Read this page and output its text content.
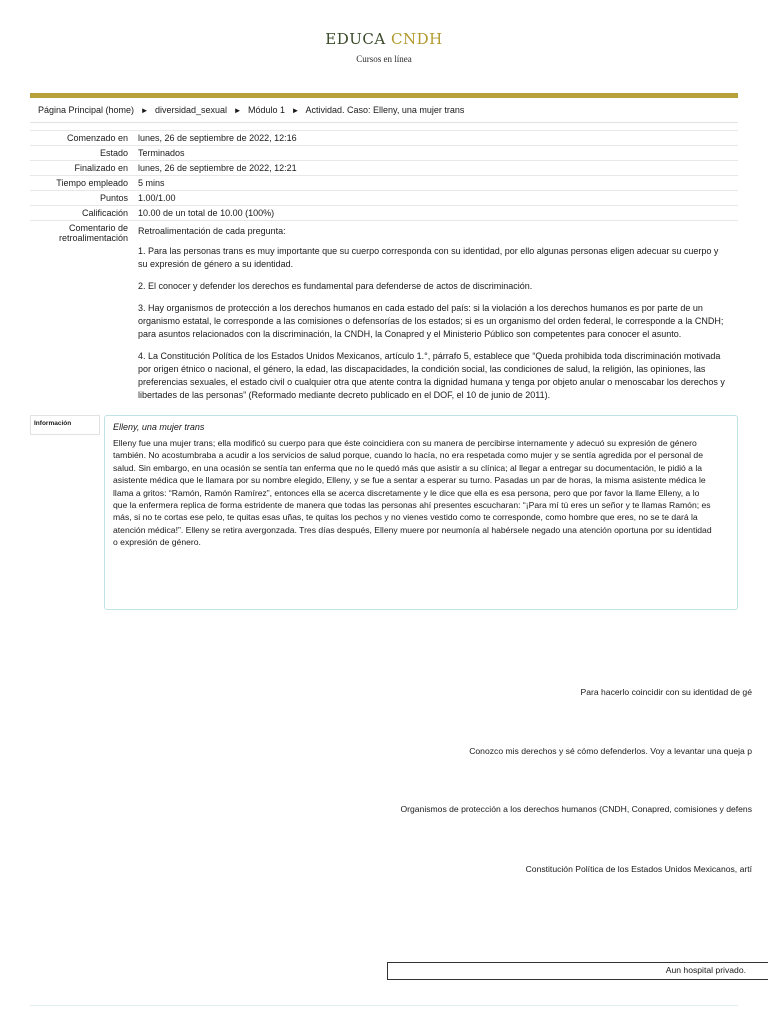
EDUCA CNDH
Cursos en línea
Página Principal (home) ► diversidad_sexual ► Módulo 1 ► Actividad. Caso: Elleny, una mujer trans
Comenzado en	lunes, 26 de septiembre de 2022, 12:16
Estado	Terminados
Finalizado en	lunes, 26 de septiembre de 2022, 12:21
Tiempo empleado	5 mins
Puntos	1.00/1.00
Calificación	10.00 de un total de 10.00 (100%)
Comentario de retroalimentación	Retroalimentación de cada pregunta:

1. Para las personas trans es muy importante que su cuerpo corresponda con su identidad, por ello algunas personas eligen adecuar su cuerpo y su expresión de género a su identidad.

2. El conocer y defender los derechos es fundamental para defenderse de actos de discriminación.

3. Hay organismos de protección a los derechos humanos en cada estado del país: si la violación a los derechos humanos es por parte de un organismo estatal, le corresponde a las comisiones o defensorías de los estados; si es un organismo del orden federal, le corresponde a la CNDH; para asuntos relacionados con la discriminación, la CNDH, la Conapred y el Ministerio Público son competentes para conocer el asunto.

4. La Constitución Política de los Estados Unidos Mexicanos, artículo 1.°, párrafo 5, establece que “Queda prohibida toda discriminación motivada por origen étnico o nacional, el género, la edad, las discapacidades, la condición social, las condiciones de salud, la religión, las opiniones, las preferencias sexuales, el estado civil o cualquier otra que atente contra la dignidad humana y tenga por objeto anular o menoscabar los derechos y libertades de las personas” (Reformado mediante decreto publicado en el DOF, el 10 de junio de 2011).

Información	Elleny, una mujer trans
Elleny fue una mujer trans; ella modificó su cuerpo para que éste coincidiera con su manera de percibirse internamente y adecuó su expresión de género también. No acostumbraba a acudir a los servicios de salud porque, cuando lo hacía, no era respetada como mujer y se sentía agredida por el personal de salud. Sin embargo, en una ocasión se sentía tan enferma que no le quedó más que asistir a su clínica; al llegar a entregar su documentación, le pidió a la asistente médica que le llamara por su nombre elegido, Elleny, y se fue a sentar a esperar su turno. Pasadas un par de horas, la misma asistente médica le llama a gritos: “Ramón, Ramón Ramírez”, entonces ella se acerca discretamente y le dice que ella es esa persona, pero que por favor la llame Elleny, a lo que la enfermera replica de forma estridente de manera que todas las personas ahí presentes escucharan: “¡Para mí tú eres un señor y te llamas Ramón; es más, si no te cortas ese pelo, te quitas esas uñas, te quitas los pechos y no vienes vestido como te corresponde, como hombre que eres, no se te dará la atención médica!”. Elleny se retira avergonzada. Tres días después, Elleny muere por neumonía al habérsele negado una atención oportuna por su identidad o expresión de género.
Para hacerlo coincidir con su identidad de gé
Conozco mis derechos y sé cómo defenderlos. Voy a levantar una queja p
Organismos de protección a los derechos humanos (CNDH, Conapred, comisiones y defens
Constitución Política de los Estados Unidos Mexicanos, artí
Aun hospital privado.
